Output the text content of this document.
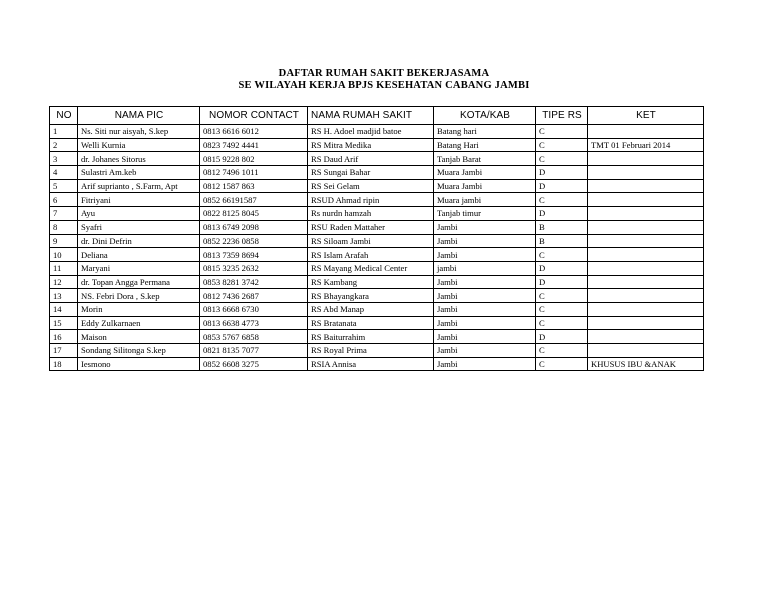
DAFTAR RUMAH SAKIT BEKERJASAMA
SE WILAYAH KERJA BPJS KESEHATAN CABANG JAMBI
NO	NAMA PIC	NOMOR CONTACT	NAMA RUMAH SAKIT	KOTA/KAB	TIPE RS	KET
1	Ns. Siti nur aisyah, S.kep	0813 6616 6012	RS H. Adoel madjid batoe	Batang hari	C	
2	Welli Kurnia	0823 7492 4441	RS Mitra Medika	Batang Hari	C	TMT 01 Februari 2014
3	dr. Johanes Sitorus	0815 9228 802	RS Daud Arif	Tanjab Barat	C	
4	Sulastri Am.keb	0812 7496 1011	RS Sungai Bahar	Muara Jambi	D	
5	Arif suprianto , S.Farm, Apt	0812 1587 863	RS Sei Gelam	Muara Jambi	D	
6	Fitriyani	0852 66191587	RSUD Ahmad ripin	Muara jambi	C	
7	Ayu	0822 8125 8045	Rs nurdn hamzah	Tanjab timur	D	
8	Syafri	0813 6749 2098	RSU Raden Mattaher	Jambi	B	
9	dr. Dini Defrin	0852 2236 0858	RS Siloam Jambi	Jambi	B	
10	Deliana	0813 7359 8694	RS Islam Arafah	Jambi	C	
11	Maryani	0815 3235 2632	RS Mayang Medical Center	jambi	D	
12	dr. Topan Angga Permana	0853 8281 3742	RS Kambang	Jambi	D	
13	NS. Febri Dora , S.kep	0812 7436 2687	RS Bhayangkara	Jambi	C	
14	Morin	0813 6668 6730	RS Abd Manap	Jambi	C	
15	Eddy Zulkarnaen	0813 6638 4773	RS Bratanata	Jambi	C	
16	Maison	0853 5767 6858	RS Baiturrahim	Jambi	D	
17	Sondang Silitonga S.kep	0821 8135 7077	RS Royal Prima	Jambi	C	
18	Iesmono	0852 6608 3275	RSIA Annisa	Jambi	C	KHUSUS IBU &ANAK
